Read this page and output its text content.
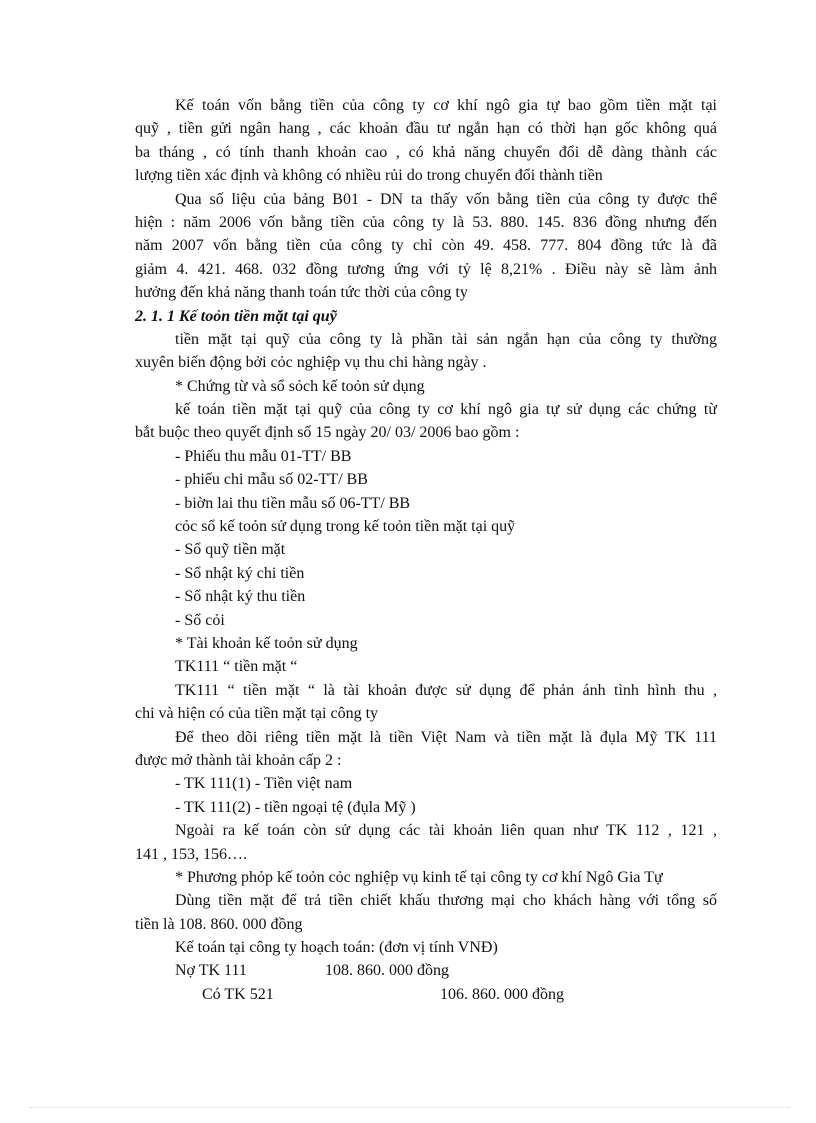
Kế toán vốn bằng tiền của công ty cơ khí ngô gia tự bao gồm tiền mặt tại
quỹ , tiền gửi ngân hang , các khoản đầu tư ngắn hạn có thời hạn gốc không quá
ba tháng , có tính thanh khoản cao , có khả năng chuyển đổi dễ dàng thành các
lượng tiền xác định và không có nhiều rủi do trong chuyển đổi thành tiền
Qua số liệu của bảng B01 - DN ta thấy vốn bằng tiền của công ty được thể
hiện : năm 2006 vốn bằng tiền của công ty là 53. 880. 145. 836 đồng nhưng đến
năm 2007 vốn bằng tiền của công ty chỉ còn 49. 458. 777. 804 đồng tức là đã
giảm 4. 421. 468. 032 đồng tương ứng với tỷ lệ 8,21% . Điều này sẽ làm ảnh
hưởng đến khả năng thanh toán tức thời của công ty
2. 1. 1 Kế toỏn tiền mặt tại quỹ
tiền mặt tại quỹ của công ty là phần tài sản ngắn hạn của công ty thường
xuyên biến động bởi cỏc nghiệp vụ thu chi hàng ngày .
* Chứng từ và sổ sỏch kế toỏn sử dụng
kế toán tiền mặt tại quỹ của công ty cơ khí ngô gia tự sử dụng các chứng từ
bắt buộc theo quyết định số 15 ngày 20/ 03/ 2006 bao gồm :
- Phiếu thu mẫu 01-TT/ BB
- phiếu chi mẫu số 02-TT/ BB
- biờn lai thu tiền mẫu số 06-TT/ BB
cỏc sổ kế toỏn sử dụng trong kế toỏn tiền mặt tại quỹ
- Sổ quỹ tiền mặt
- Sổ nhật ký chi tiền
- Sổ nhật ký thu tiền
- Sổ cỏi
* Tài khoản kế toỏn sử dụng
TK111 “ tiền mặt “
TK111 “ tiền mặt “ là tài khoản được sử dụng để phản ánh tình hình thu ,
chi và hiện có của tiền mặt tại công ty
Để theo dõi riêng tiền mặt là tiền Việt Nam và tiền mặt là đụla Mỹ TK 111
được mở thành tài khoản cấp 2 :
- TK 111(1) - Tiền việt nam
- TK 111(2) - tiền ngoại tệ (đụla Mỹ )
Ngoài ra kế toán còn sử dụng các tài khoản liên quan như TK 112 , 121 ,
141 , 153, 156….
* Phương phỏp kế toỏn cỏc nghiệp vụ kinh tế tại công ty cơ khí Ngô Gia Tự
Dùng tiền mặt để trả tiền chiết khấu thương mại cho khách hàng với tổng số
tiền là 108. 860. 000 đồng
Kế toán tại công ty hoạch toán: (đơn vị tính VNĐ)
Nợ TK 111	108. 860. 000 đồng
Có TK 521	106. 860. 000 đồng
